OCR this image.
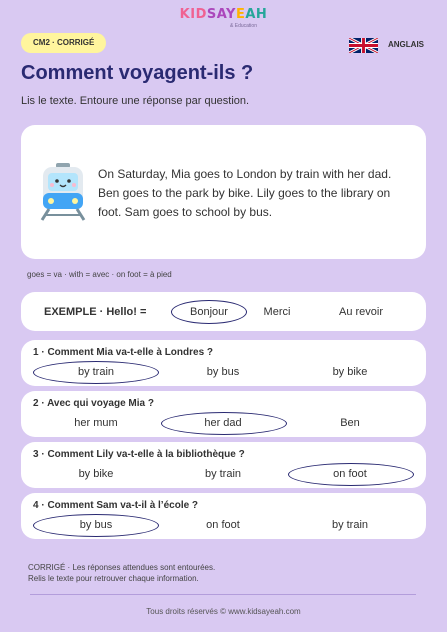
KIDSAYEAH
& Education
CM2 · CORRIGÉ	ANGLAIS
Comment voyagent-ils ?
Lis le texte. Entoure une réponse par question.
On Saturday, Mia goes to London by train with her dad. Ben goes to the park by bike. Lily goes to the library on foot. Sam goes to school by bus.
goes = va · with = avec · on foot = à pied
EXEMPLE · Hello! =	Bonjour	Merci	Au revoir
1 · Comment Mia va-t-elle à Londres ?
by train	by bus	by bike
2 · Avec qui voyage Mia ?
her mum	her dad	Ben
3 · Comment Lily va-t-elle à la bibliothèque ?
by bike	by train	on foot
4 · Comment Sam va-t-il à l’école ?
by bus	on foot	by train
CORRIGÉ · Les réponses attendues sont entourées.
Relis le texte pour retrouver chaque information.
Tous droits réservés © www.kidsayeah.com
